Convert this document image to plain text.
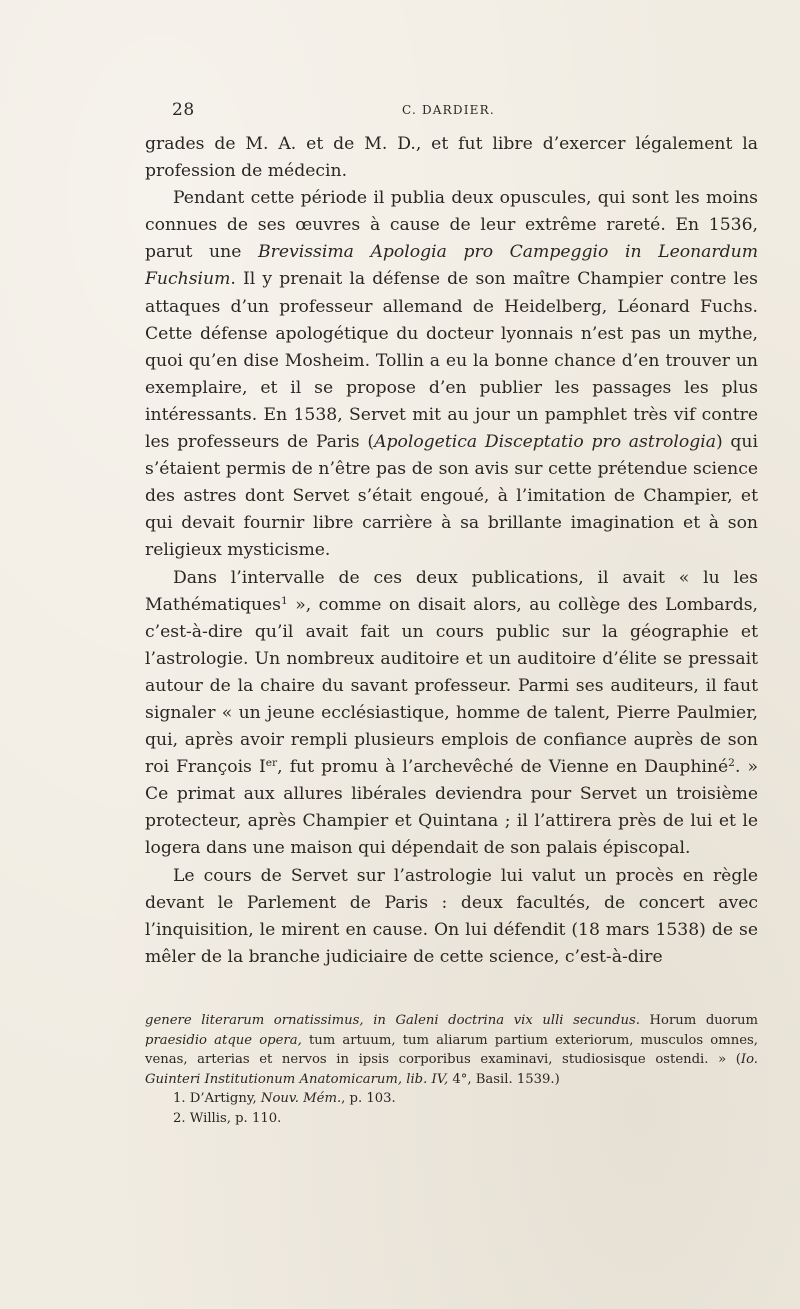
28	C. DARDIER.

grades de M. A. et de M. D., et fut libre d’exercer légalement la profession de médecin.

Pendant cette période il publia deux opuscules, qui sont les moins connues de ses œuvres à cause de leur extrême rareté. En 1536, parut une Brevissima Apologia pro Campeggio in Leonardum Fuchsium. Il y prenait la défense de son maître Champier contre les attaques d’un professeur allemand de Heidelberg, Léonard Fuchs. Cette défense apologétique du docteur lyonnais n’est pas un mythe, quoi qu’en dise Mosheim. Tollin a eu la bonne chance d’en trouver un exemplaire, et il se propose d’en publier les passages les plus intéressants. En 1538, Servet mit au jour un pamphlet très vif contre les professeurs de Paris (Apologetica Disceptatio pro astrologia) qui s’étaient permis de n’être pas de son avis sur cette prétendue science des astres dont Servet s’était engoué, à l’imitation de Champier, et qui devait fournir libre carrière à sa brillante imagination et à son religieux mysticisme.

Dans l’intervalle de ces deux publications, il avait « lu les Mathématiques$^1$ », comme on disait alors, au collège des Lombards, c’est-à-dire qu’il avait fait un cours public sur la géographie et l’astrologie. Un nombreux auditoire et un auditoire d’élite se pressait autour de la chaire du savant professeur. Parmi ses auditeurs, il faut signaler « un jeune ecclésiastique, homme de talent, Pierre Paulmier, qui, après avoir rempli plusieurs emplois de confiance auprès de son roi François Ier, fut promu à l’archevêché de Vienne en Dauphiné$^2$. » Ce primat aux allures libérales deviendra pour Servet un troisième protecteur, après Champier et Quintana ; il l’attirera près de lui et le logera dans une maison qui dépendait de son palais épiscopal.

Le cours de Servet sur l’astrologie lui valut un procès en règle devant le Parlement de Paris : deux facultés, de concert avec l’inquisition, le mirent en cause. On lui défendit (18 mars 1538) de se mêler de la branche judiciaire de cette science, c’est-à-dire

genere literarum ornatissimus, in Galeni doctrina vix ulli secundus. Horum duorum praesidio atque opera, tum artuum, tum aliarum partium exteriorum, musculos omnes, venas, arterias et nervos in ipsis corporibus examinavi, studiosisque ostendi. » (Io. Guinteri Institutionum Anatomicarum, lib. IV, 4°, Basil. 1539.)

1. D’Artigny, Nouv. Mém., p. 103.

2. Willis, p. 110.
